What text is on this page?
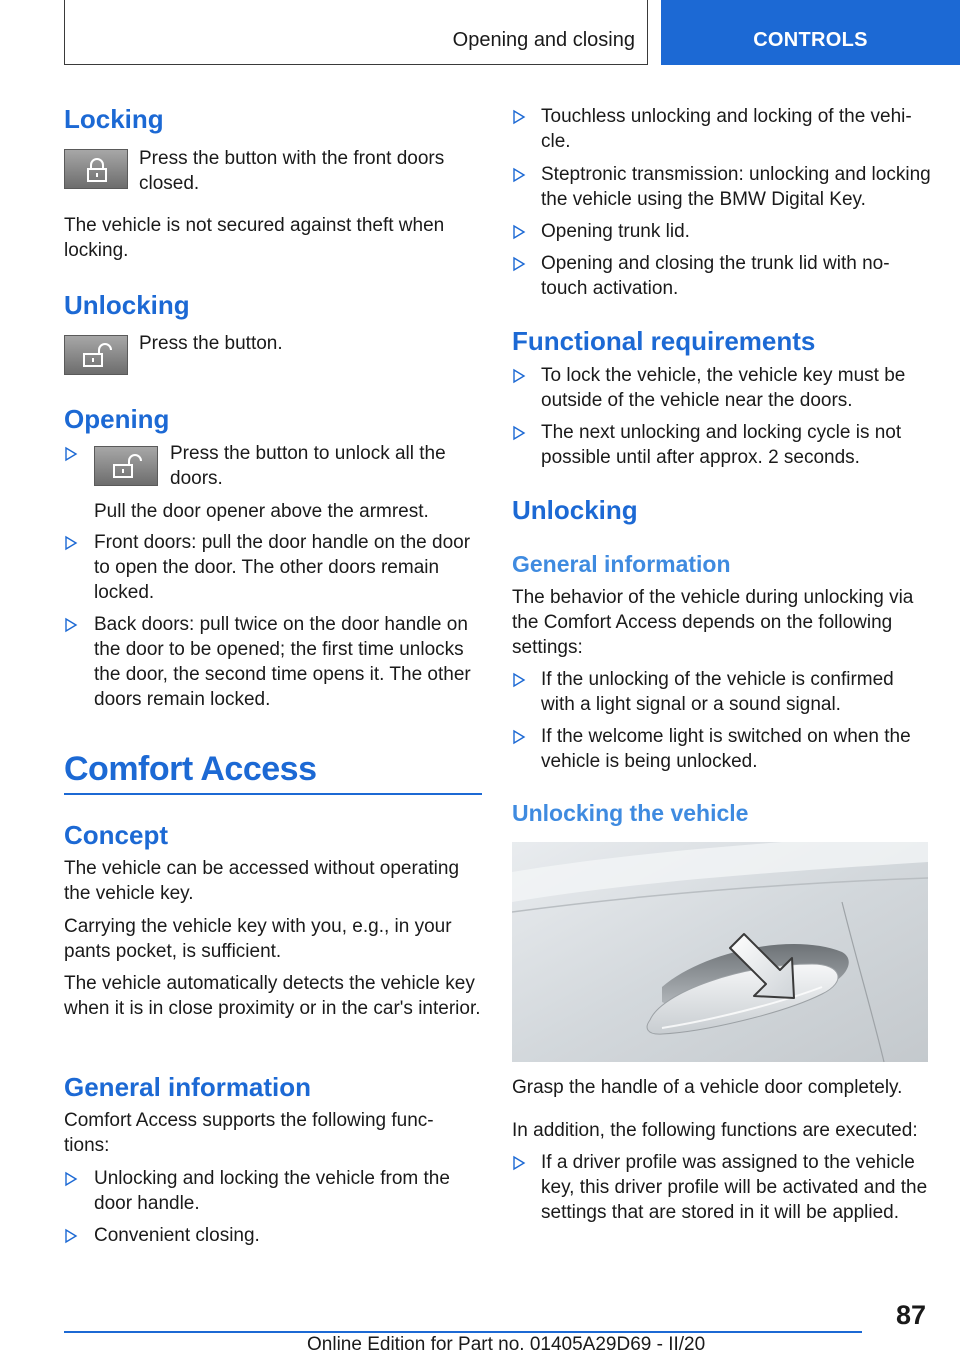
Opening and closing	CONTROLS
Locking
Press the button with the front doors closed.
The vehicle is not secured against theft when locking.
Unlocking
Press the button.
Opening
Press the button to unlock all the doors.
Pull the door opener above the armrest.
Front doors: pull the door handle on the door to open the door. The other doors remain locked.
Back doors: pull twice on the door handle on the door to be opened; the first time unlocks the door, the second time opens it. The other doors remain locked.
Comfort Access
Concept
The vehicle can be accessed without operating the vehicle key.
Carrying the vehicle key with you, e.g., in your pants pocket, is sufficient.
The vehicle automatically detects the vehicle key when it is in close proximity or in the car's interior.
General information
Comfort Access supports the following functions:
Unlocking and locking the vehicle from the door handle.
Convenient closing.
Touchless unlocking and locking of the vehicle.
Steptronic transmission: unlocking and locking the vehicle using the BMW Digital Key.
Opening trunk lid.
Opening and closing the trunk lid with no-touch activation.
Functional requirements
To lock the vehicle, the vehicle key must be outside of the vehicle near the doors.
The next unlocking and locking cycle is not possible until after approx. 2 seconds.
Unlocking
General information
The behavior of the vehicle during unlocking via the Comfort Access depends on the following settings:
If the unlocking of the vehicle is confirmed with a light signal or a sound signal.
If the welcome light is switched on when the vehicle is being unlocked.
Unlocking the vehicle
Grasp the handle of a vehicle door completely.
In addition, the following functions are executed:
If a driver profile was assigned to the vehicle key, this driver profile will be activated and the settings that are stored in it will be applied.
87
Online Edition for Part no. 01405A29D69 - II/20
